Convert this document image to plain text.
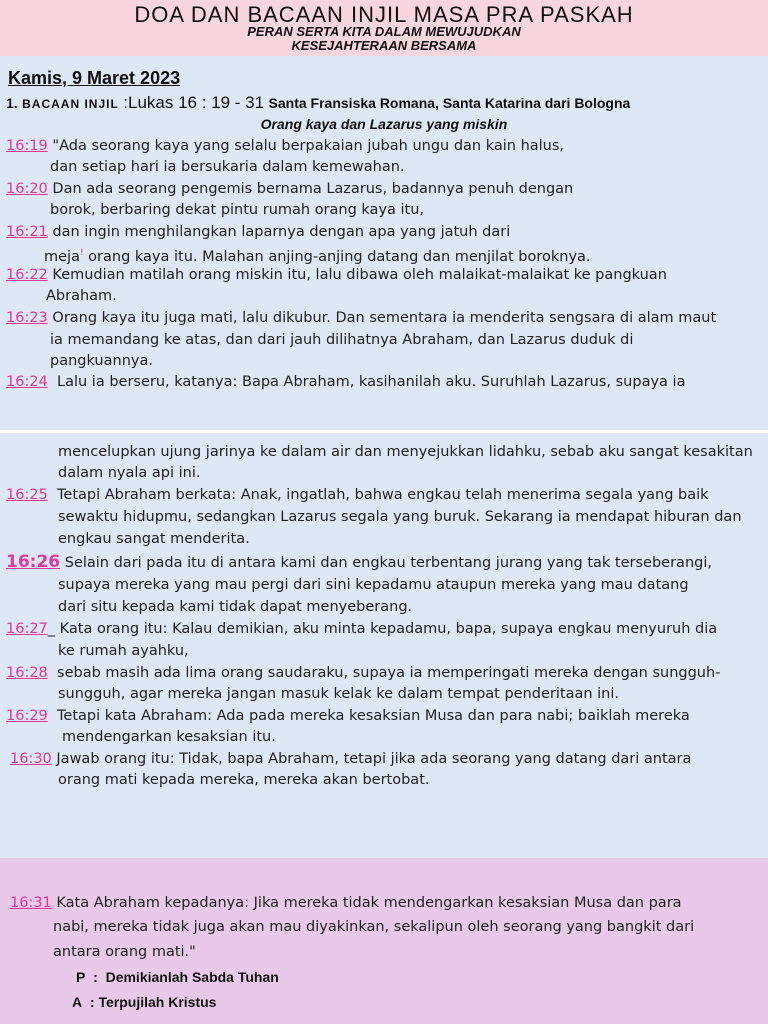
DOA DAN BACAAN INJIL MASA PRA PASKAH
PERAN SERTA KITA DALAM MEWUJUDKAN
KESEJAHTERAAN BERSAMA
Kamis, 9 Maret 2023
1. BACAAN INJIL :Lukas 16 : 19 - 31 Santa Fransiska Romana, Santa Katarina dari Bologna
Orang kaya dan Lazarus yang miskin
16:19 "Ada seorang kaya yang selalu berpakaian jubah ungu dan kain halus,
dan setiap hari ia bersukaria dalam kemewahan.
16:20 Dan ada seorang pengemis bernama Lazarus, badannya penuh dengan
borok, berbaring dekat pintu rumah orang kaya itu,
16:21 dan ingin menghilangkan laparnya dengan apa yang jatuh dari
meja! orang kaya itu. Malahan anjing-anjing datang dan menjilat boroknya.
16:22 Kemudian matilah orang miskin itu, lalu dibawa oleh malaikat-malaikat ke pangkuan
Abraham.
16:23 Orang kaya itu juga mati, lalu dikubur. Dan sementara ia menderita sengsara di alam maut
ia memandang ke atas, dan dari jauh dilihatnya Abraham, dan Lazarus duduk di
pangkuannya.
16:24 Lalu ia berseru, katanya: Bapa Abraham, kasihanilah aku. Suruhlah Lazarus, supaya ia
mencelupkan ujung jarinya ke dalam air dan menyejukkan lidahku, sebab aku sangat kesakitan
dalam nyala api ini.
16:25 Tetapi Abraham berkata: Anak, ingatlah, bahwa engkau telah menerima segala yang baik
sewaktu hidupmu, sedangkan Lazarus segala yang buruk. Sekarang ia mendapat hiburan dan
engkau sangat menderita.
16:26 Selain dari pada itu di antara kami dan engkau terbentang jurang yang tak terseberangi,
supaya mereka yang mau pergi dari sini kepadamu ataupun mereka yang mau datang
dari situ kepada kami tidak dapat menyeberang.
16:27_ Kata orang itu: Kalau demikian, aku minta kepadamu, bapa, supaya engkau menyuruh dia
ke rumah ayahku,
16:28 sebab masih ada lima orang saudaraku, supaya ia memperingati mereka dengan sungguh-
sungguh, agar mereka jangan masuk kelak ke dalam tempat penderitaan ini.
16:29 Tetapi kata Abraham: Ada pada mereka kesaksian Musa dan para nabi; baiklah mereka
mendengarkan kesaksian itu.
16:30 Jawab orang itu: Tidak, bapa Abraham, tetapi jika ada seorang yang datang dari antara
orang mati kepada mereka, mereka akan bertobat.
16:31 Kata Abraham kepadanya: Jika mereka tidak mendengarkan kesaksian Musa dan para
nabi, mereka tidak juga akan mau diyakinkan, sekalipun oleh seorang yang bangkit dari
antara orang mati."
P : Demikianlah Sabda Tuhan
A : Terpujilah Kristus
